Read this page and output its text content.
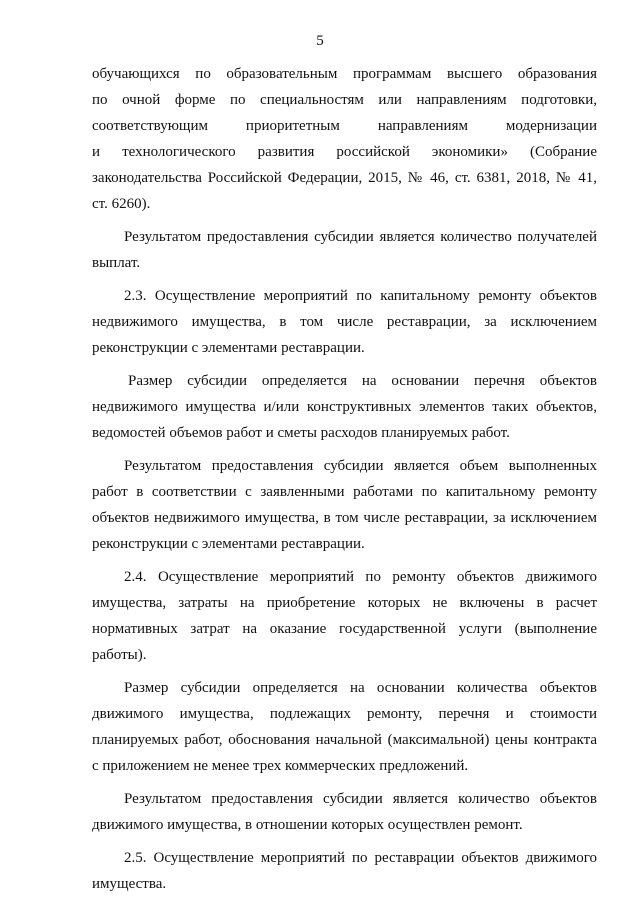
5
обучающихся по образовательным программам высшего образования
по очной форме по специальностям или направлениям подготовки,
соответствующим приоритетным направлениям модернизации
и технологического развития российской экономики» (Собрание
законодательства Российской Федерации, 2015, № 46, ст. 6381, 2018, № 41,
ст. 6260).
Результатом предоставления субсидии является количество получателей
выплат.
2.3. Осуществление мероприятий по капитальному ремонту объектов
недвижимого имущества, в том числе реставрации, за исключением
реконструкции с элементами реставрации.
Размер субсидии определяется на основании перечня объектов
недвижимого имущества и/или конструктивных элементов таких объектов,
ведомостей объемов работ и сметы расходов планируемых работ.
Результатом предоставления субсидии является объем выполненных
работ в соответствии с заявленными работами по капитальному ремонту
объектов недвижимого имущества, в том числе реставрации, за исключением
реконструкции с элементами реставрации.
2.4. Осуществление мероприятий по ремонту объектов движимого
имущества, затраты на приобретение которых не включены в расчет
нормативных затрат на оказание государственной услуги (выполнение
работы).
Размер субсидии определяется на основании количества объектов
движимого имущества, подлежащих ремонту, перечня и стоимости
планируемых работ, обоснования начальной (максимальной) цены контракта
с приложением не менее трех коммерческих предложений.
Результатом предоставления субсидии является количество объектов
движимого имущества, в отношении которых осуществлен ремонт.
2.5. Осуществление мероприятий по реставрации объектов движимого
имущества.
